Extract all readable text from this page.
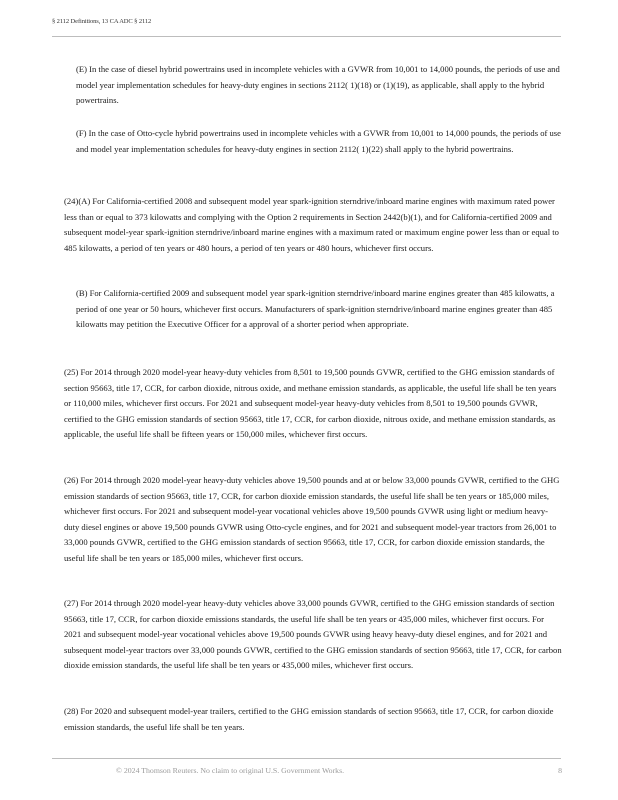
§ 2112 Definitions, 13 CA ADC § 2112

(E) In the case of diesel hybrid powertrains used in incomplete vehicles with a GVWR from 10,001 to 14,000 pounds, the periods of use and model year implementation schedules for heavy-duty engines in sections 2112( 1)(18) or (1)(19), as applicable, shall apply to the hybrid powertrains.

(F) In the case of Otto-cycle hybrid powertrains used in incomplete vehicles with a GVWR from 10,001 to 14,000 pounds, the periods of use and model year implementation schedules for heavy-duty engines in section 2112( 1)(22) shall apply to the hybrid powertrains.

(24)(A) For California-certified 2008 and subsequent model year spark-ignition sterndrive/inboard marine engines with maximum rated power less than or equal to 373 kilowatts and complying with the Option 2 requirements in Section 2442(b)(1), and for California-certified 2009 and subsequent model-year spark-ignition sterndrive/inboard marine engines with a maximum rated or maximum engine power less than or equal to 485 kilowatts, a period of ten years or 480 hours, a period of ten years or 480 hours, whichever first occurs.

(B) For California-certified 2009 and subsequent model year spark-ignition sterndrive/inboard marine engines greater than 485 kilowatts, a period of one year or 50 hours, whichever first occurs. Manufacturers of spark-ignition sterndrive/inboard marine engines greater than 485 kilowatts may petition the Executive Officer for a approval of a shorter period when appropriate.

(25) For 2014 through 2020 model-year heavy-duty vehicles from 8,501 to 19,500 pounds GVWR, certified to the GHG emission standards of section 95663, title 17, CCR, for carbon dioxide, nitrous oxide, and methane emission standards, as applicable, the useful life shall be ten years or 110,000 miles, whichever first occurs. For 2021 and subsequent model-year heavy-duty vehicles from 8,501 to 19,500 pounds GVWR, certified to the GHG emission standards of section 95663, title 17, CCR, for carbon dioxide, nitrous oxide, and methane emission standards, as applicable, the useful life shall be fifteen years or 150,000 miles, whichever first occurs.

(26) For 2014 through 2020 model-year heavy-duty vehicles above 19,500 pounds and at or below 33,000 pounds GVWR, certified to the GHG emission standards of section 95663, title 17, CCR, for carbon dioxide emission standards, the useful life shall be ten years or 185,000 miles, whichever first occurs. For 2021 and subsequent model-year vocational vehicles above 19,500 pounds GVWR using light or medium heavy-duty diesel engines or above 19,500 pounds GVWR using Otto-cycle engines, and for 2021 and subsequent model-year tractors from 26,001 to 33,000 pounds GVWR, certified to the GHG emission standards of section 95663, title 17, CCR, for carbon dioxide emission standards, the useful life shall be ten years or 185,000 miles, whichever first occurs.

(27) For 2014 through 2020 model-year heavy-duty vehicles above 33,000 pounds GVWR, certified to the GHG emission standards of section 95663, title 17, CCR, for carbon dioxide emissions standards, the useful life shall be ten years or 435,000 miles, whichever first occurs. For 2021 and subsequent model-year vocational vehicles above 19,500 pounds GVWR using heavy heavy-duty diesel engines, and for 2021 and subsequent model-year tractors over 33,000 pounds GVWR, certified to the GHG emission standards of section 95663, title 17, CCR, for carbon dioxide emission standards, the useful life shall be ten years or 435,000 miles, whichever first occurs.

(28) For 2020 and subsequent model-year trailers, certified to the GHG emission standards of section 95663, title 17, CCR, for carbon dioxide emission standards, the useful life shall be ten years.

© 2024 Thomson Reuters. No claim to original U.S. Government Works.	8
